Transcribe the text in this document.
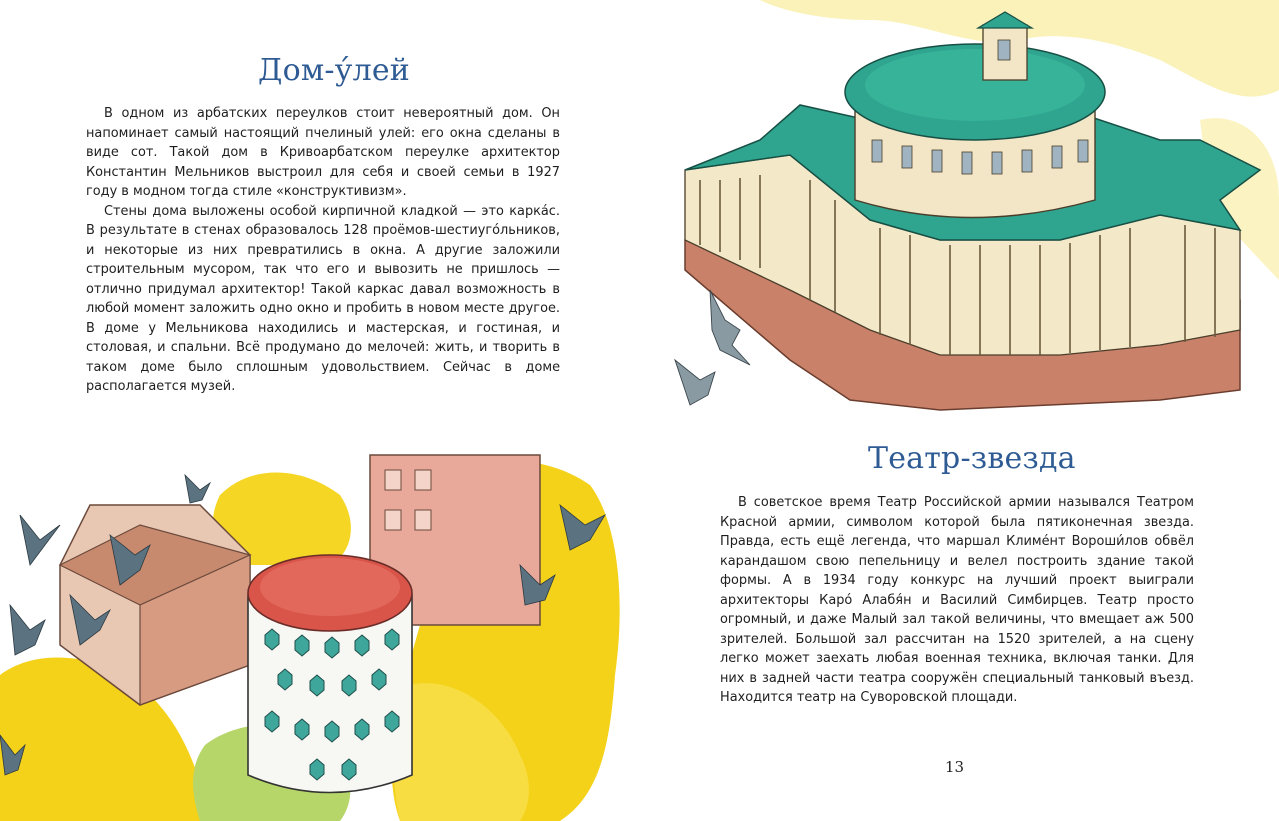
Дом-у́лей

В одном из арбатских переулков стоит невероятный дом. Он напоминает самый настоящий пчелиный улей: его окна сделаны в виде сот. Такой дом в Кривоарбатском переулке архитектор Константин Мельников выстроил для себя и своей семьи в 1927 году в модном тогда стиле «конструктивизм».

Стены дома выложены особой кирпичной кладкой — это карка́с. В результате в стенах образовалось 128 проёмов-шестиуго́льников, и некоторые из них превратились в окна. А другие заложили строительным мусором, так что его и вывозить не пришлось — отлично придумал архитектор! Такой каркас давал возможность в любой момент заложить одно окно и пробить в новом месте другое. В доме у Мельникова находились и мастерская, и гостиная, и столовая, и спальни. Всё продумано до мелочей: жить, и творить в таком доме было сплошным удовольствием. Сейчас в доме располагается музей.

Театр-звезда

В советское время Театр Российской армии назывался Театром Красной армии, символом которой была пятиконечная звезда. Правда, есть ещё легенда, что маршал Климе́нт Вороши́лов обвёл карандашом свою пепельницу и велел построить здание такой формы. А в 1934 году конкурс на лучший проект выиграли архитекторы Каро́ Алабя́н и Василий Симбирцев. Театр просто огромный, и даже Малый зал такой величины, что вмещает аж 500 зрителей. Большой зал рассчитан на 1520 зрителей, а на сцену легко может заехать любая военная техника, включая танки. Для них в задней части театра сооружён специальный танковый въезд. Находится театр на Суворовской площади.

13
